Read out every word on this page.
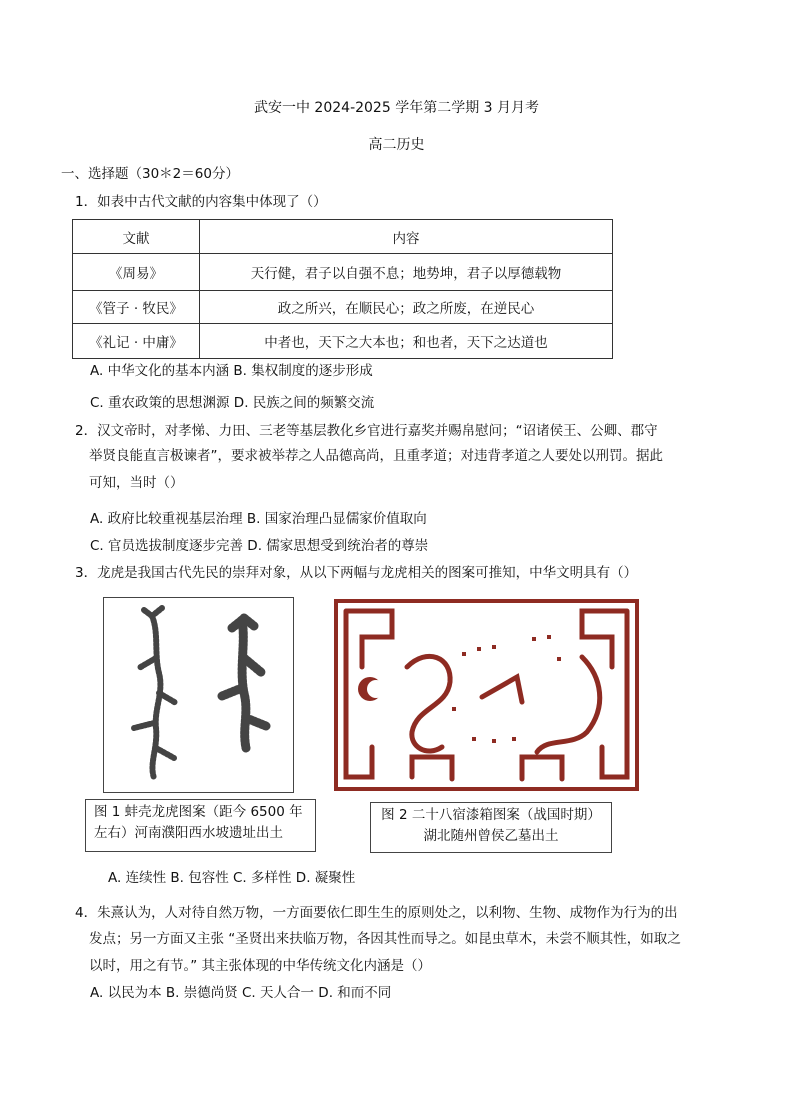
武安一中 2024-2025 学年第二学期 3 月月考
高二历史
一、选择题（30＊2＝60分）
1．如表中古代文献的内容集中体现了（）
文献	内容
《周易》	天行健，君子以自强不息；地势坤，君子以厚德载物
《管子 · 牧民》	政之所兴，在顺民心；政之所废，在逆民心
《礼记 · 中庸》	中者也，天下之大本也；和也者，天下之达道也
A. 中华文化的基本内涵 B. 集权制度的逐步形成
C. 重农政策的思想渊源 D. 民族之间的频繁交流
2．汉文帝时，对孝悌、力田、三老等基层教化乡官进行嘉奖并赐帛慰问；“诏诸侯王、公卿、郡守
举贤良能直言极谏者”，要求被举荐之人品德高尚，且重孝道；对违背孝道之人要处以刑罚。据此
可知，当时（）
A. 政府比较重视基层治理 B. 国家治理凸显儒家价值取向
C. 官员选拔制度逐步完善 D. 儒家思想受到统治者的尊崇
3．龙虎是我国古代先民的崇拜对象，从以下两幅与龙虎相关的图案可推知，中华文明具有（）
图 1 蚌壳龙虎图案（距今 6500 年
左右）河南濮阳西水坡遗址出土
图 2 二十八宿漆箱图案（战国时期）
湖北随州曾侯乙墓出土
A. 连续性 B. 包容性 C. 多样性 D. 凝聚性
4．朱熹认为，人对待自然万物，一方面要依仁即生生的原则处之，以利物、生物、成物作为行为的出
发点；另一方面又主张 “圣贤出来扶临万物，各因其性而导之。如昆虫草木，未尝不顺其性，如取之
以时，用之有节。” 其主张体现的中华传统文化内涵是（）
A. 以民为本 B. 崇德尚贤 C. 天人合一 D. 和而不同
